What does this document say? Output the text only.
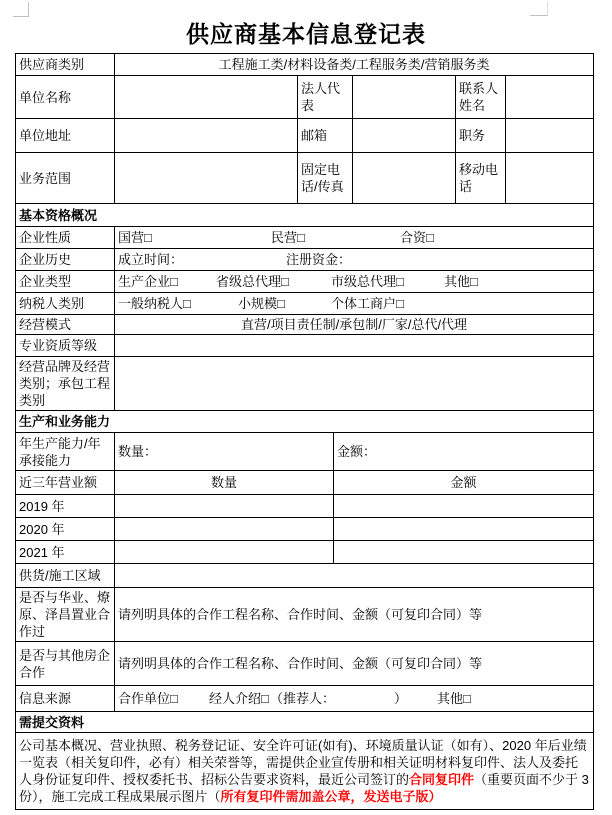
供应商基本信息登记表
供应商类别	工程施工类/材料设备类/工程服务类/营销服务类					
单位名称		法人代表			联系人姓名	
单位地址		邮箱			职务	
业务范围		固定电话/传真			移动电话	
基本资格概况						
企业性质	国营□ 民营□ 合资□					
企业历史	成立时间： 注册资金：					
企业类型	生产企业□ 省级总代理□ 市级总代理□ 其他□					
纳税人类别	一般纳税人□ 小规模□ 个体工商户□					
经营模式	直营/项目责任制/承包制/厂家/总代/代理					
专业资质等级						
经营品牌及经营类别；承包工程类别						
生产和业务能力						
年生产能力/年承接能力	数量：		金额：			
近三年营业额	数量		金额			
2019 年						
2020 年						
2021 年						
供货/施工区域						
是否与华业、燎原、泽昌置业合作过	请列明具体的合作工程名称、合作时间、金额（可复印合同）等					
是否与其他房企合作	请列明具体的合作工程名称、合作时间、金额（可复印合同）等					
信息来源	合作单位□ 经人介绍□（推荐人： ） 其他□					
需提交资料						
公司基本概况、营业执照、税务登记证、安全许可证(如有)、环境质量认证（如有）、2020 年后业绩一览表（相关复印件，必有）相关荣誉等，需提供企业宣传册和相关证明材料复印件、法人及委托人身份证复印件、授权委托书、招标公告要求资料，最近公司签订的合同复印件（重要页面不少于 3 份），施工完成工程成果展示图片（所有复印件需加盖公章，发送电子版）						
